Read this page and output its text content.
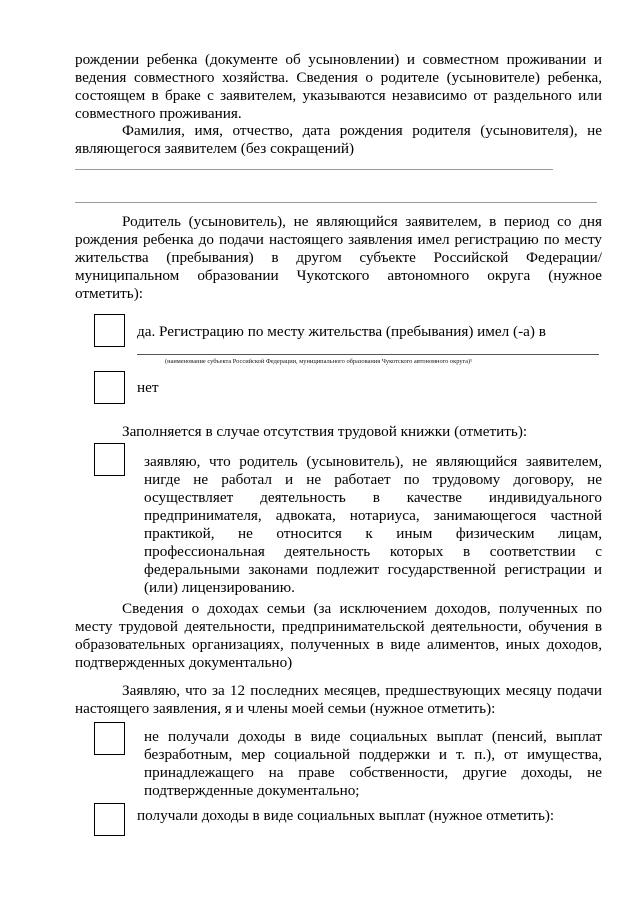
рождении ребенка (документе об усыновлении) и совместном проживании и ведения совместного хозяйства. Сведения о родителе (усыновителе) ребенка, состоящем в браке с заявителем, указываются независимо от раздельного или совместного проживания.

Фамилия, имя, отчество, дата рождения родителя (усыновителя), не являющегося заявителем (без сокращений)

Родитель (усыновитель), не являющийся заявителем, в период со дня рождения ребенка до подачи настоящего заявления имел регистрацию по месту жительства (пребывания) в другом субъекте Российской Федерации/муниципальном образовании Чукотского автономного округа (нужное отметить):

да. Регистрацию по месту жительства (пребывания) имел (-а) в

(наименование субъекта Российской Федерации, муниципального образования Чукотского автономного округа)¹

нет

Заполняется в случае отсутствия трудовой книжки (отметить):

заявляю, что родитель (усыновитель), не являющийся заявителем, нигде не работал и не работает по трудовому договору, не осуществляет деятельность в качестве индивидуального предпринимателя, адвоката, нотариуса, занимающегося частной практикой, не относится к иным физическим лицам, профессиональная деятельность которых в соответствии с федеральными законами подлежит государственной регистрации и (или) лицензированию.

Сведения о доходах семьи (за исключением доходов, полученных по месту трудовой деятельности, предпринимательской деятельности, обучения в образовательных организациях, полученных в виде алиментов, иных доходов, подтвержденных документально)

Заявляю, что за 12 последних месяцев, предшествующих месяцу подачи настоящего заявления, я и члены моей семьи (нужное отметить):

не получали доходы в виде социальных выплат (пенсий, выплат безработным, мер социальной поддержки и т. п.), от имущества, принадлежащего на праве собственности, другие доходы, не подтвержденные документально;

получали доходы в виде социальных выплат (нужное отметить):
